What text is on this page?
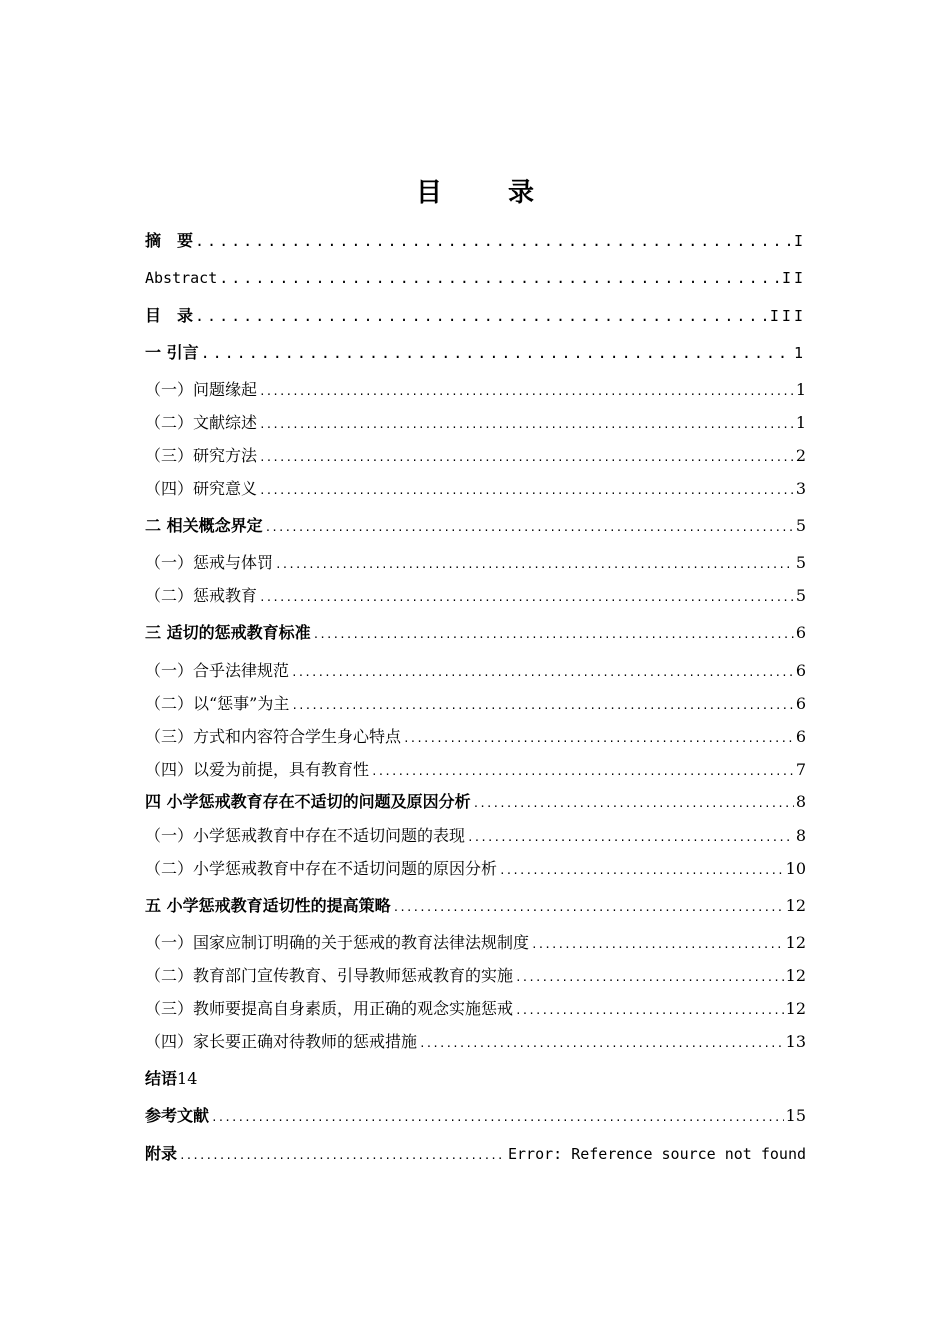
目　录
摘　要 .....	I
Abstract .....	II
目　录 .....	III
一 引言 .....	1
（一）问题缘起 .....	1
（二）文献综述 .....	1
（三）研究方法 .....	2
（四）研究意义 .....	3
二 相关概念界定 .....	5
（一）惩戒与体罚 .....	5
（二）惩戒教育 .....	5
三 适切的惩戒教育标准 .....	6
（一）合乎法律规范 .....	6
（二）以“惩事”为主 .....	6
（三）方式和内容符合学生身心特点 .....	6
（四）以爱为前提，具有教育性 .....	7
四 小学惩戒教育存在不适切的问题及原因分析 .....	8
（一）小学惩戒教育中存在不适切问题的表现 .....	8
（二）小学惩戒教育中存在不适切问题的原因分析 .....	10
五 小学惩戒教育适切性的提高策略 .....	12
（一）国家应制订明确的关于惩戒的教育法律法规制度 .....	12
（二）教育部门宣传教育、引导教师惩戒教育的实施 .....	12
（三）教师要提高自身素质，用正确的观念实施惩戒 .....	12
（四）家长要正确对待教师的惩戒措施 .....	13
结语 14
参考文献 .....	15
附录 .....	Error: Reference source not found
